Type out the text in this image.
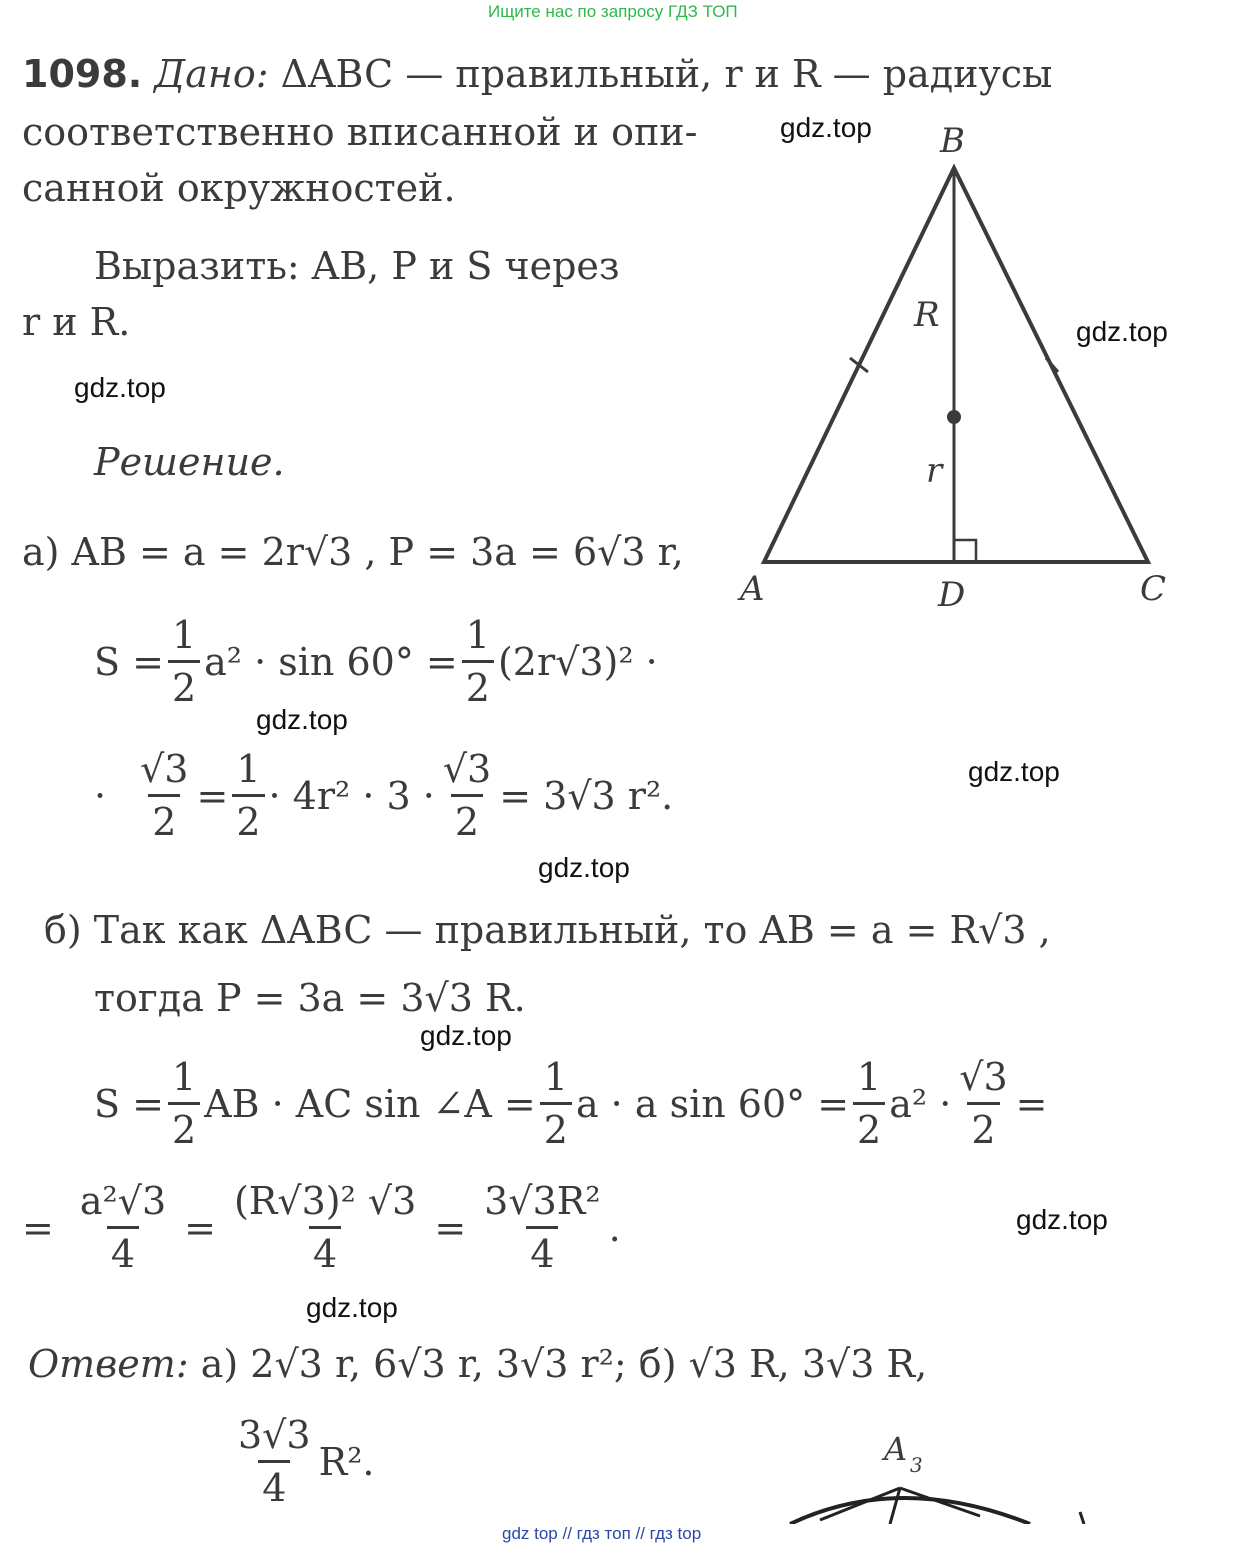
Ищите нас по запросу ГДЗ ТОП
1098. Дано: ΔABC — правильный, r и R — радиусы
соответственно вписанной и опи-
санной окружностей.
Выразить: AB, P и S через
r и R.
Решение.
а) AB = a = 2r√3 , P = 3a = 6√3 r,
$S = \frac{1}{2} a^2 \cdot \sin 60^\circ = \frac{1}{2} (2r√3)^2$ ·
· $\frac{√3}{2} = \frac{1}{2} \cdot 4r^2 \cdot 3 \cdot \frac{√3}{2} = 3√3$ r².
б) Так как ΔABC — правильный, то AB = a = R√3 ,
тогда P = 3a = 3√3 R.
$S = \frac{1}{2}$ AB · AC sin ∠A = $\frac{1}{2}$ a · a $\sin 60^\circ = \frac{1}{2} a^2 \cdot \frac{√3}{2}$ =
= $\frac{\text{a²√3}}{4} = \frac{\text{(R√3)² √3}}{4} = \frac{\text{3√3R²}}{4}$ .
Ответ: а) 2√3 r, 6√3 r, 3√3 r²; б) √3 R, 3√3 R,
$\frac{3√3}{4} R^2$.
B
A	C
D
R
r
A 3
gdz.top
gdz.top
gdz.top
gdz.top
gdz.top
gdz.top
gdz.top
gdz.top
gdz.top
gdz top // гдз топ // гдз top
